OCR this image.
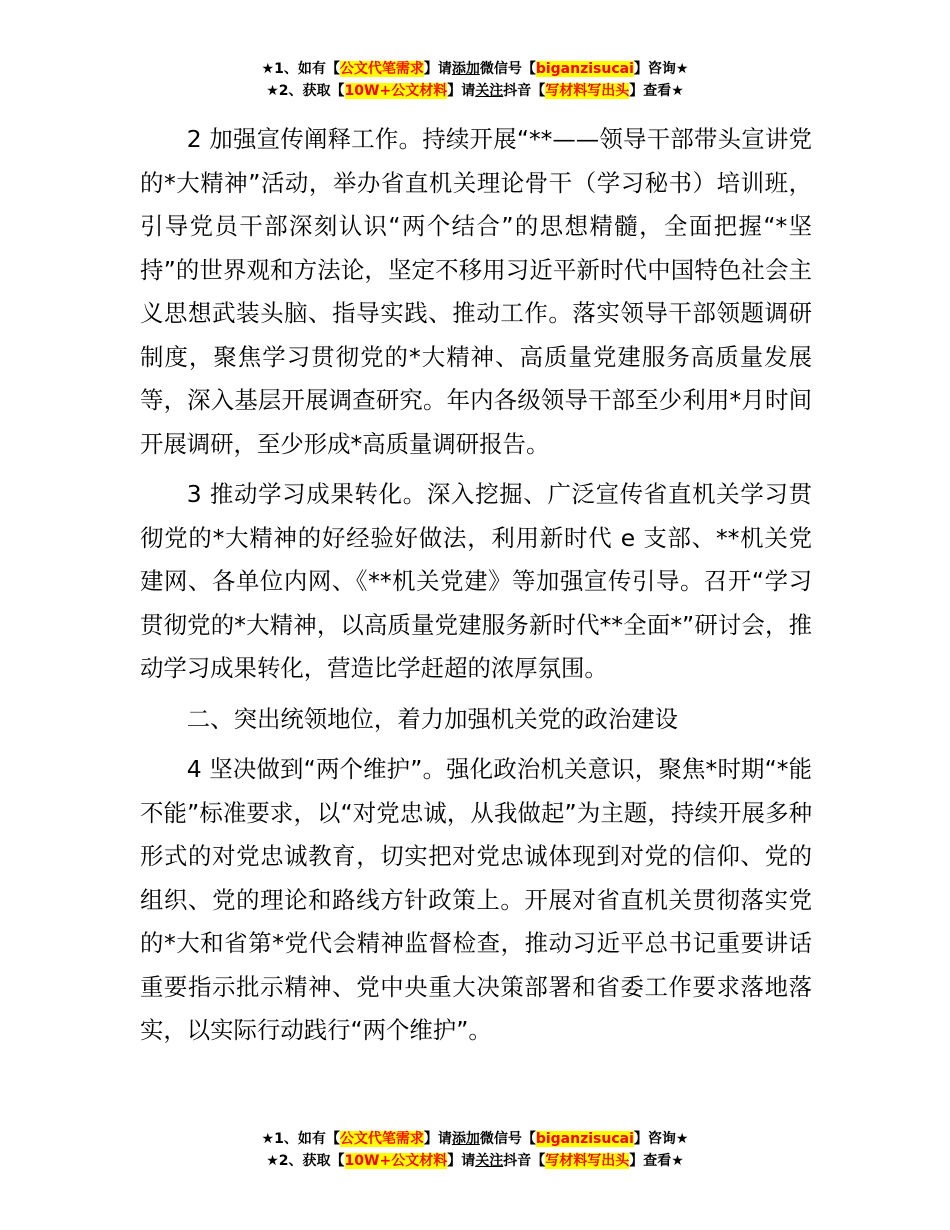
★1、如有【公文代笔需求】请添加微信号【biganzisucai】咨询★
★2、获取【10W+公文材料】请关注抖音【写材料写出头】查看★

2 加强宣传阐释工作。持续开展“**——领导干部带头宣讲党的*大精神”活动，举办省直机关理论骨干（学习秘书）培训班，引导党员干部深刻认识“两个结合”的思想精髓，全面把握“*坚持”的世界观和方法论，坚定不移用习近平新时代中国特色社会主义思想武装头脑、指导实践、推动工作。落实领导干部领题调研制度，聚焦学习贯彻党的*大精神、高质量党建服务高质量发展等，深入基层开展调查研究。年内各级领导干部至少利用*月时间开展调研，至少形成*高质量调研报告。

3 推动学习成果转化。深入挖掘、广泛宣传省直机关学习贯彻党的*大精神的好经验好做法，利用新时代 e 支部、**机关党建网、各单位内网、《**机关党建》等加强宣传引导。召开“学习贯彻党的*大精神，以高质量党建服务新时代**全面*”研讨会，推动学习成果转化，营造比学赶超的浓厚氛围。

二、突出统领地位，着力加强机关党的政治建设

4 坚决做到“两个维护”。强化政治机关意识，聚焦*时期“*能不能”标准要求，以“对党忠诚，从我做起”为主题，持续开展多种形式的对党忠诚教育，切实把对党忠诚体现到对党的信仰、党的组织、党的理论和路线方针政策上。开展对省直机关贯彻落实党的*大和省第*党代会精神监督检查，推动习近平总书记重要讲话重要指示批示精神、党中央重大决策部署和省委工作要求落地落实，以实际行动践行“两个维护”。

★1、如有【公文代笔需求】请添加微信号【biganzisucai】咨询★
★2、获取【10W+公文材料】请关注抖音【写材料写出头】查看★
